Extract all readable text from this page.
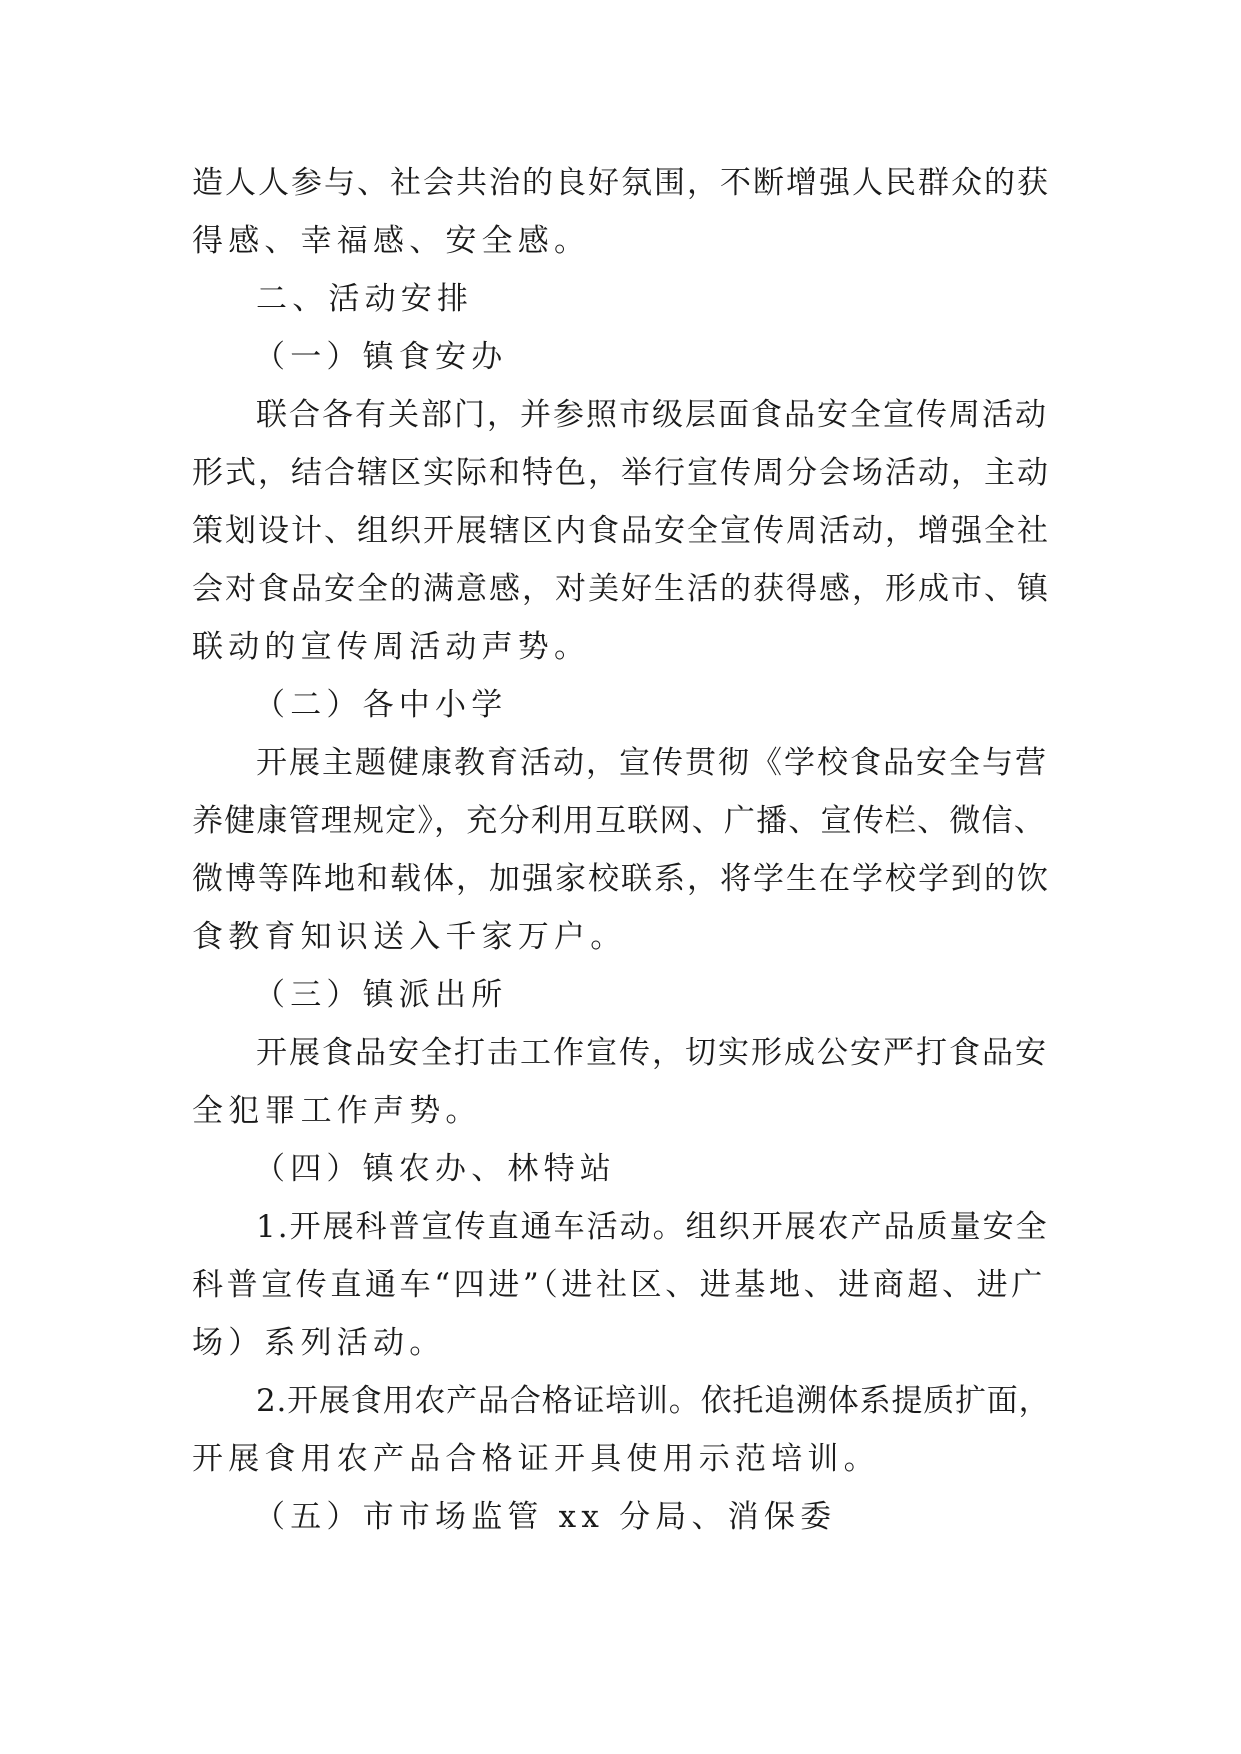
造人人参与、社会共治的良好氛围，不断增强人民群众的获
得感、幸福感、安全感。
二、活动安排
（一）镇食安办
联合各有关部门，并参照市级层面食品安全宣传周活动
形式，结合辖区实际和特色，举行宣传周分会场活动，主动
策划设计、组织开展辖区内食品安全宣传周活动，增强全社
会对食品安全的满意感，对美好生活的获得感，形成市、镇
联动的宣传周活动声势。
（二）各中小学
开展主题健康教育活动，宣传贯彻《学校食品安全与营
养健康管理规定》，充分利用互联网、广播、宣传栏、微信、
微博等阵地和载体，加强家校联系，将学生在学校学到的饮
食教育知识送入千家万户。
（三）镇派出所
开展食品安全打击工作宣传，切实形成公安严打食品安
全犯罪工作声势。
（四）镇农办、林特站
1.开展科普宣传直通车活动。组织开展农产品质量安全
科普宣传直通车“四进”（进社区、进基地、进商超、进广
场）系列活动。
2.开展食用农产品合格证培训。依托追溯体系提质扩面，
开展食用农产品合格证开具使用示范培训。
（五）市市场监管 xx 分局、消保委
